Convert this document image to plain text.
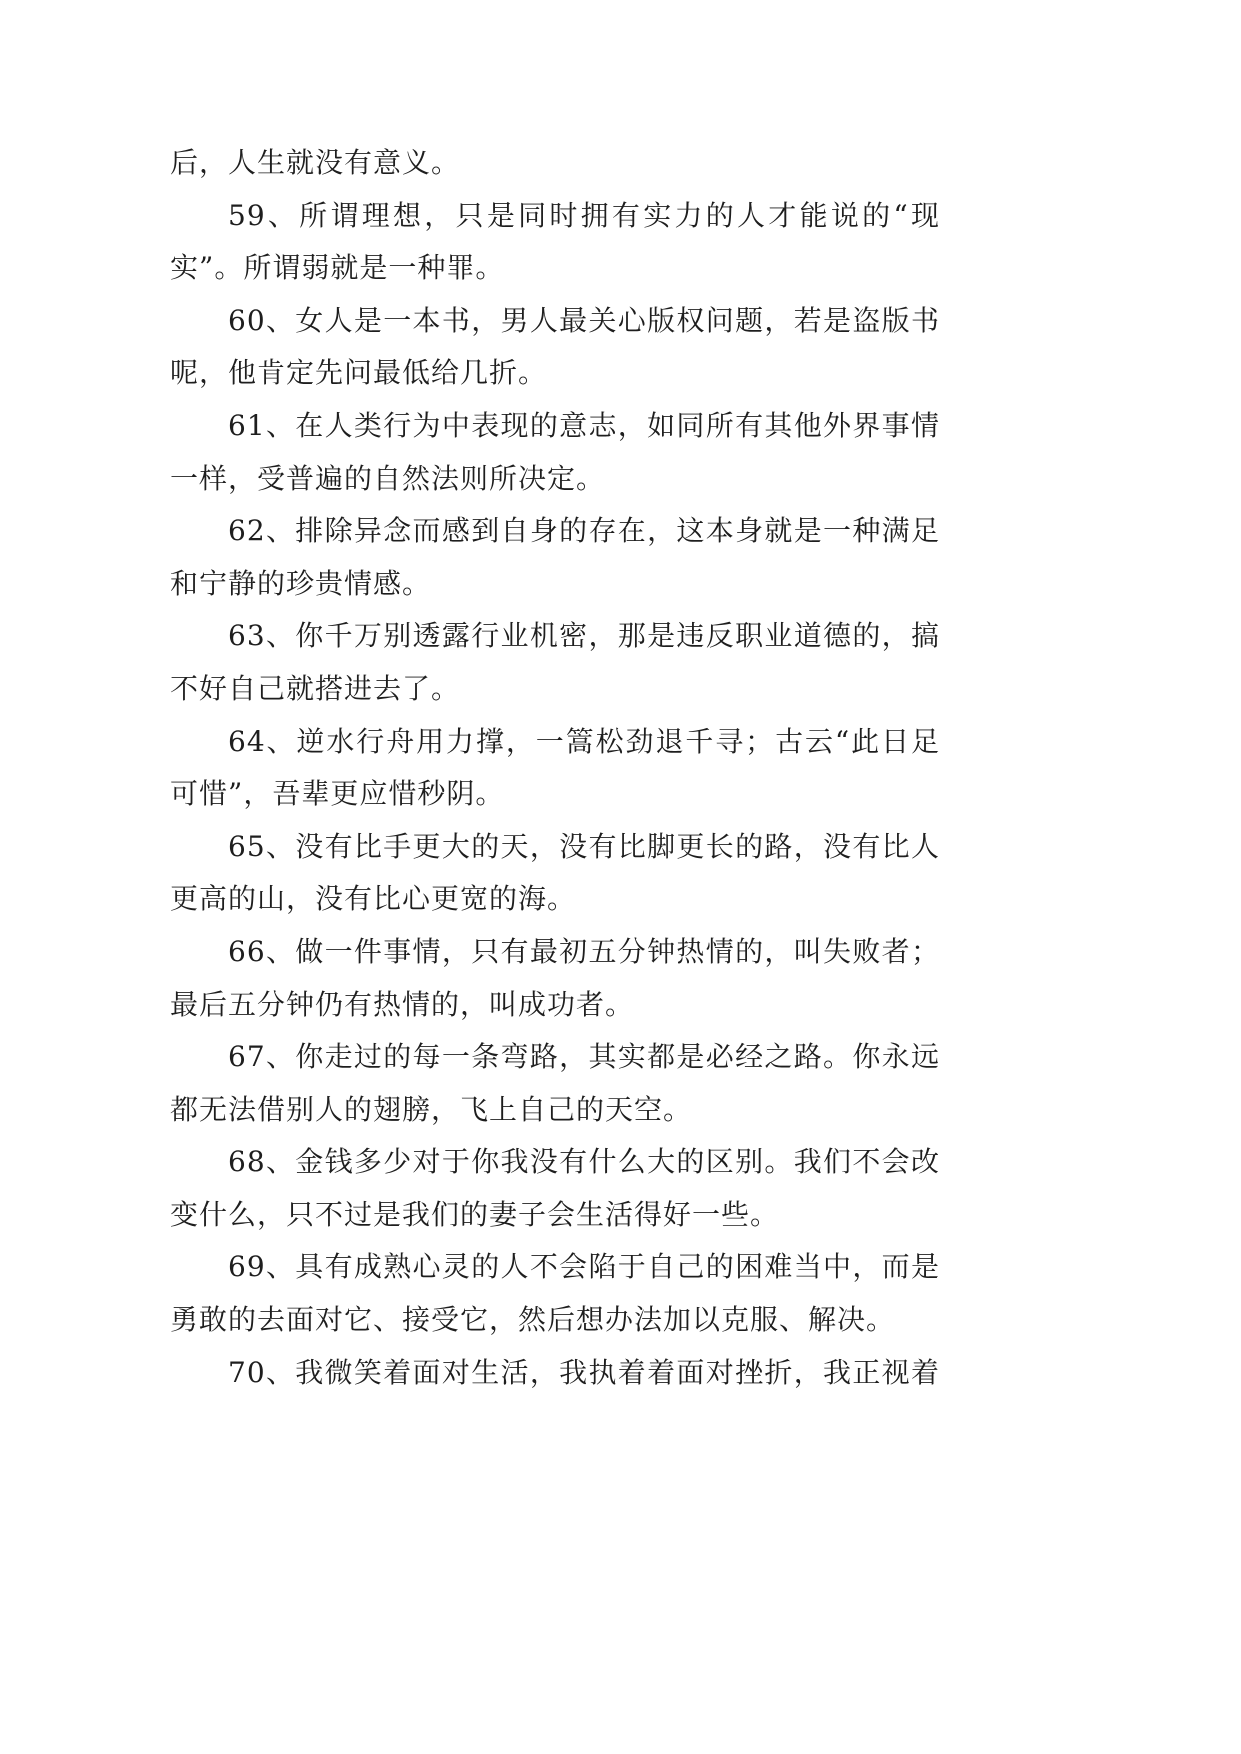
后，人生就没有意义。
59、所谓理想，只是同时拥有实力的人才能说的“现
实”。所谓弱就是一种罪。
60、女人是一本书，男人最关心版权问题，若是盗版书
呢，他肯定先问最低给几折。
61、在人类行为中表现的意志，如同所有其他外界事情
一样，受普遍的自然法则所决定。
62、排除异念而感到自身的存在，这本身就是一种满足
和宁静的珍贵情感。
63、你千万别透露行业机密，那是违反职业道德的，搞
不好自己就搭进去了。
64、逆水行舟用力撑，一篙松劲退千寻；古云“此日足
可惜”，吾辈更应惜秒阴。
65、没有比手更大的天，没有比脚更长的路，没有比人
更高的山，没有比心更宽的海。
66、做一件事情，只有最初五分钟热情的，叫失败者；
最后五分钟仍有热情的，叫成功者。
67、你走过的每一条弯路，其实都是必经之路。你永远
都无法借别人的翅膀，飞上自己的天空。
68、金钱多少对于你我没有什么大的区别。我们不会改
变什么，只不过是我们的妻子会生活得好一些。
69、具有成熟心灵的人不会陷于自己的困难当中，而是
勇敢的去面对它、接受它，然后想办法加以克服、解决。
70、我微笑着面对生活，我执着着面对挫折，我正视着
